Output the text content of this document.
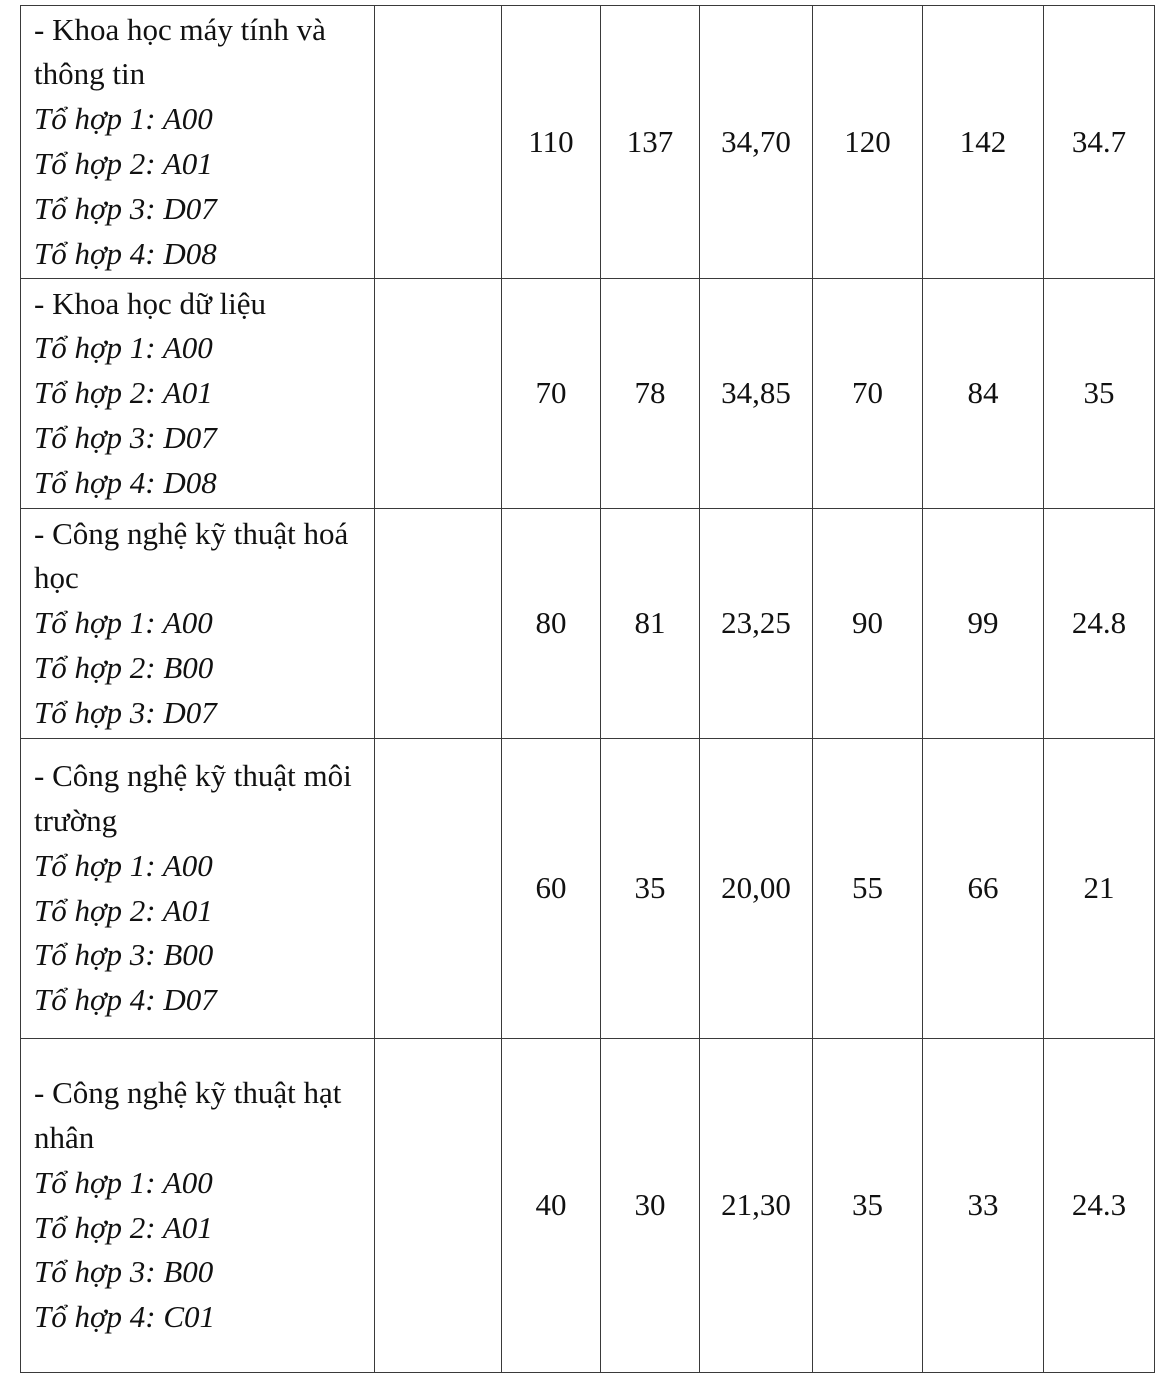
- Khoa học máy tính và thông tin
Tổ hợp 1: A00
Tổ hợp 2: A01
Tổ hợp 3: D07
Tổ hợp 4: D08		110	137	34,70	120	142	34.7

- Khoa học dữ liệu
Tổ hợp 1: A00
Tổ hợp 2: A01
Tổ hợp 3: D07
Tổ hợp 4: D08		70	78	34,85	70	84	35

- Công nghệ kỹ thuật hoá học
Tổ hợp 1: A00
Tổ hợp 2: B00
Tổ hợp 3: D07		80	81	23,25	90	99	24.8

- Công nghệ kỹ thuật môi trường
Tổ hợp 1: A00
Tổ hợp 2: A01
Tổ hợp 3: B00
Tổ hợp 4: D07		60	35	20,00	55	66	21

- Công nghệ kỹ thuật hạt nhân
Tổ hợp 1: A00
Tổ hợp 2: A01
Tổ hợp 3: B00
Tổ hợp 4: C01		40	30	21,30	35	33	24.3
